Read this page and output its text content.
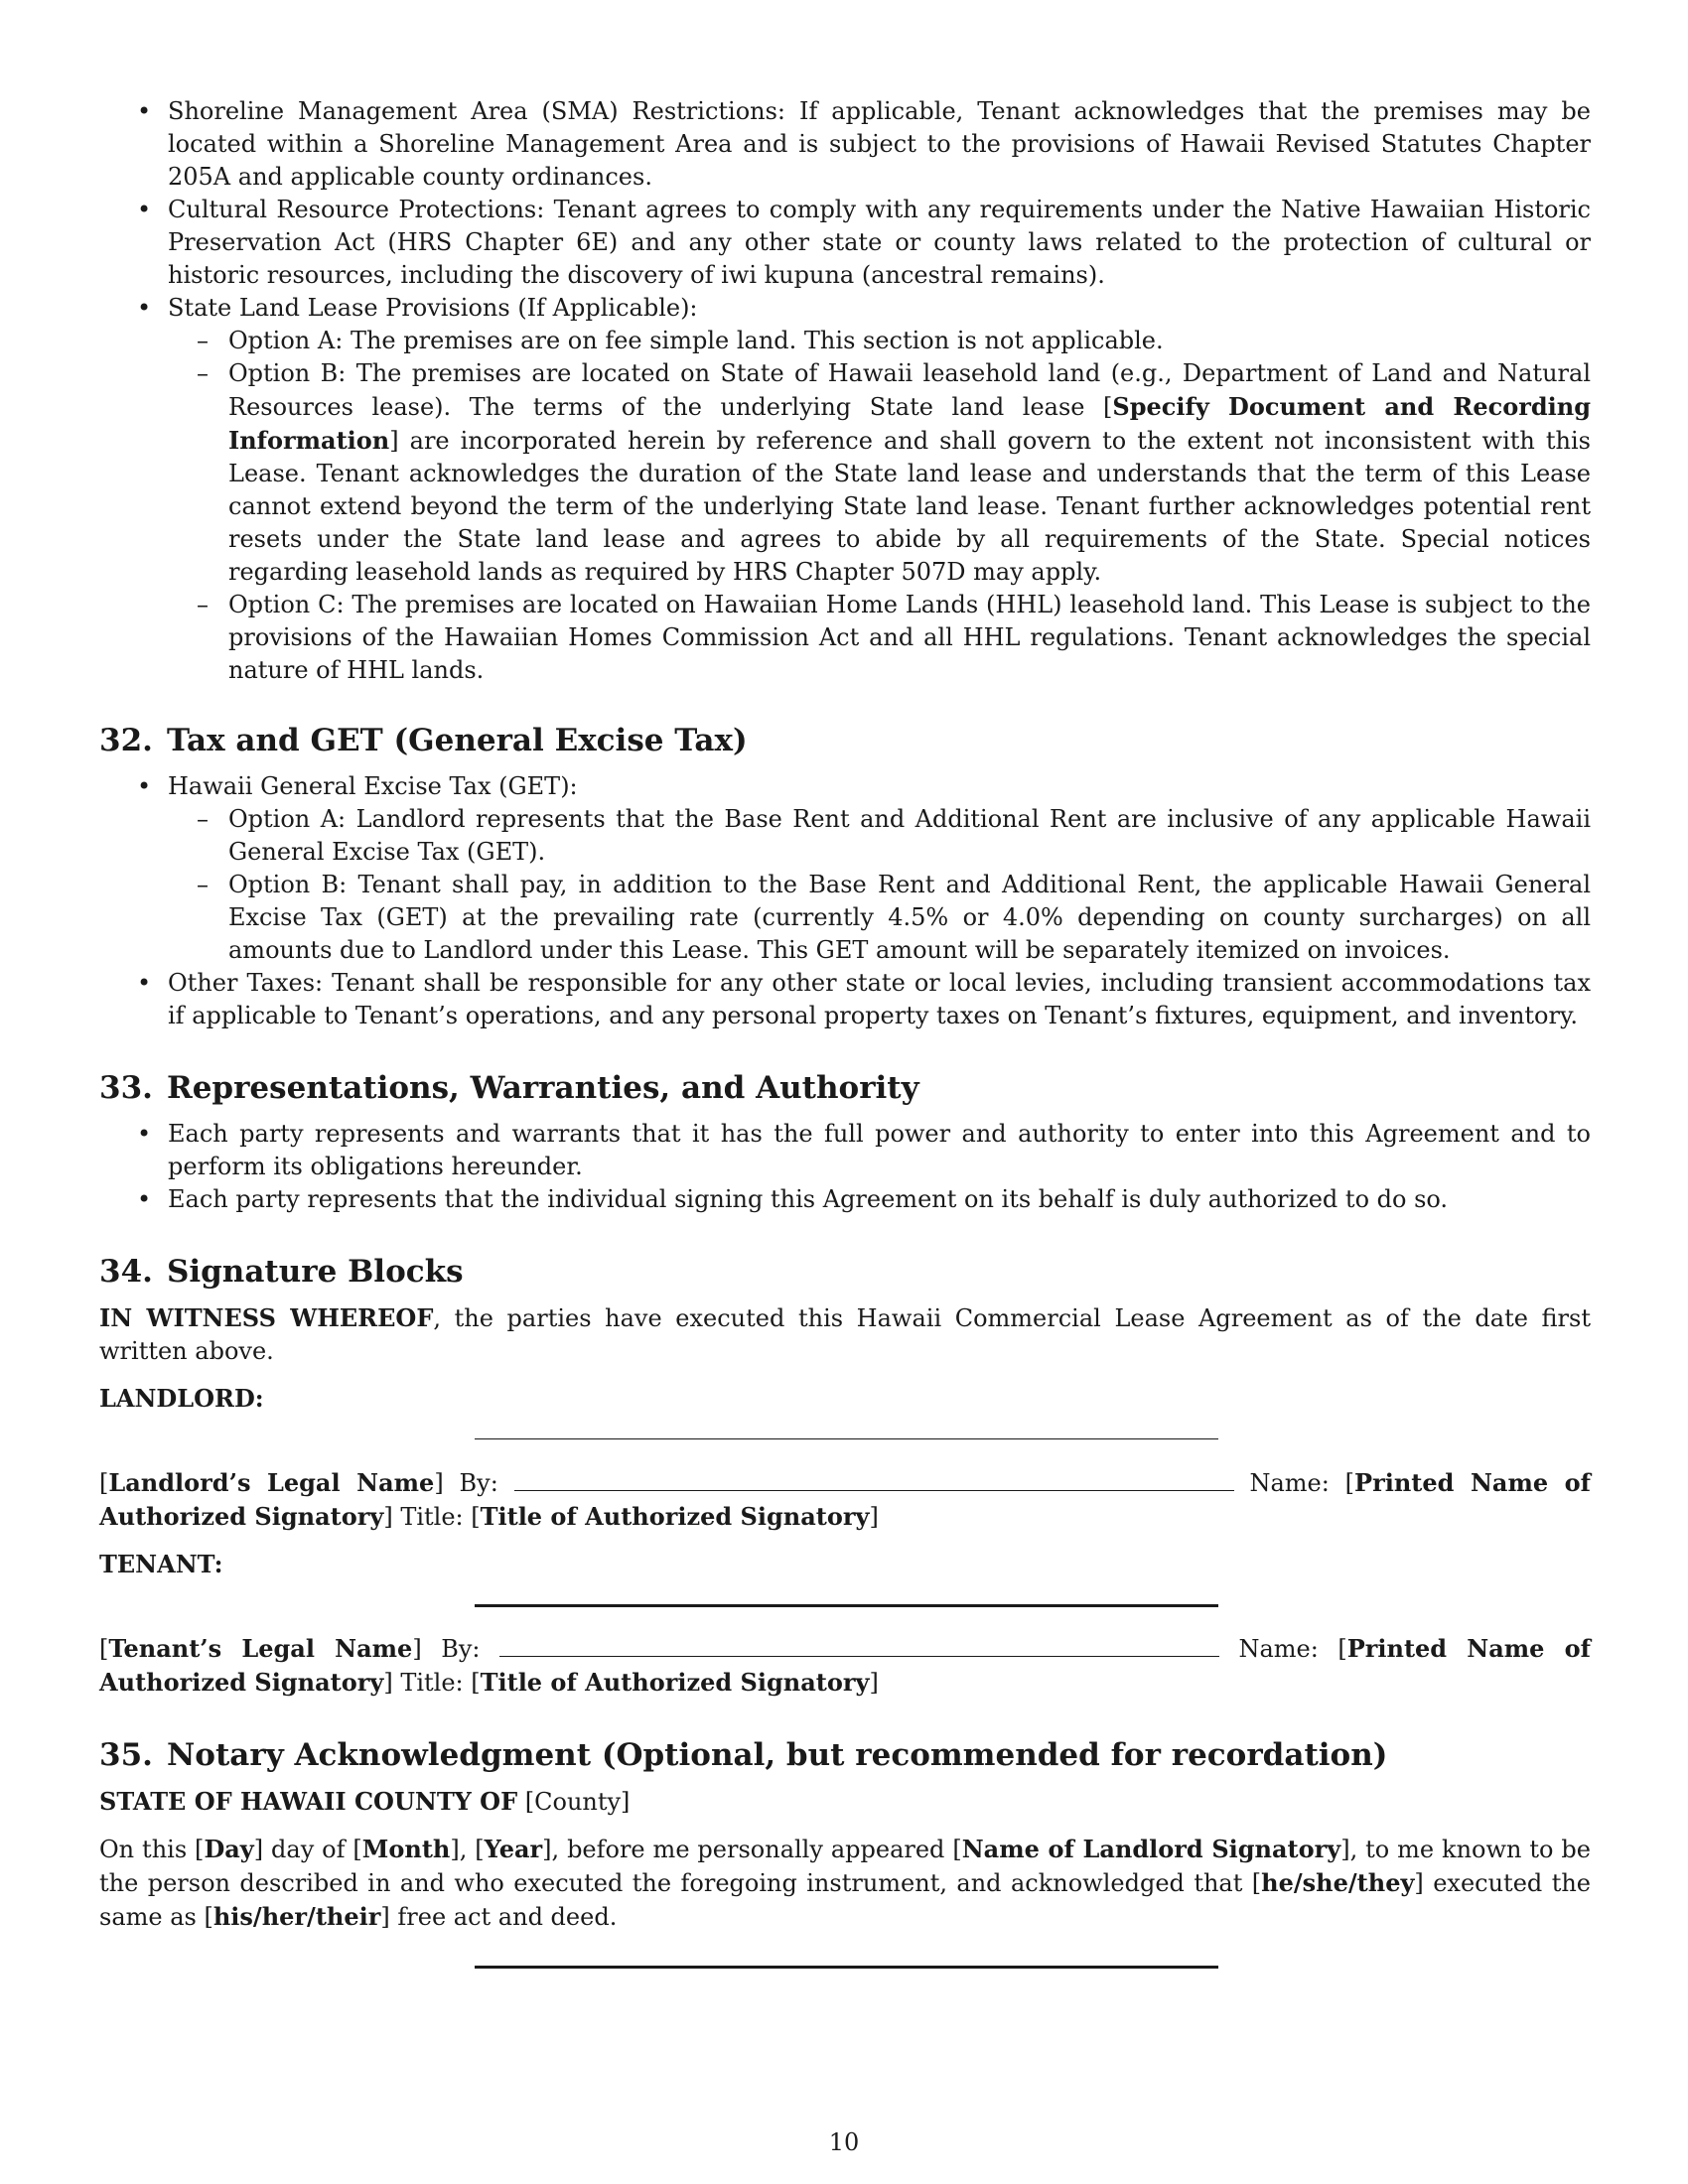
• Shoreline Management Area (SMA) Restrictions: If applicable, Tenant acknowledges that the premises may be located within a Shoreline Management Area and is subject to the provisions of Hawaii Revised Statutes Chapter 205A and applicable county ordinances.
• Cultural Resource Protections: Tenant agrees to comply with any requirements under the Native Hawaiian Historic Preservation Act (HRS Chapter 6E) and any other state or county laws related to the protection of cultural or historic resources, including the discovery of iwi kupuna (ancestral remains).
• State Land Lease Provisions (If Applicable):
– Option A: The premises are on fee simple land. This section is not applicable.
– Option B: The premises are located on State of Hawaii leasehold land (e.g., Department of Land and Natural Resources lease). The terms of the underlying State land lease [Specify Document and Recording Information] are incorporated herein by reference and shall govern to the extent not inconsistent with this Lease. Tenant acknowledges the duration of the State land lease and understands that the term of this Lease cannot extend beyond the term of the underlying State land lease. Tenant further acknowledges potential rent resets under the State land lease and agrees to abide by all requirements of the State. Special notices regarding leasehold lands as required by HRS Chapter 507D may apply.
– Option C: The premises are located on Hawaiian Home Lands (HHL) leasehold land. This Lease is subject to the provisions of the Hawaiian Homes Commission Act and all HHL regulations. Tenant acknowledges the special nature of HHL lands.
32. Tax and GET (General Excise Tax)
• Hawaii General Excise Tax (GET):
– Option A: Landlord represents that the Base Rent and Additional Rent are inclusive of any applicable Hawaii General Excise Tax (GET).
– Option B: Tenant shall pay, in addition to the Base Rent and Additional Rent, the applicable Hawaii General Excise Tax (GET) at the prevailing rate (currently 4.5% or 4.0% depending on county surcharges) on all amounts due to Landlord under this Lease. This GET amount will be separately itemized on invoices.
• Other Taxes: Tenant shall be responsible for any other state or local levies, including transient accommodations tax if applicable to Tenant’s operations, and any personal property taxes on Tenant’s fixtures, equipment, and inventory.
33. Representations, Warranties, and Authority
• Each party represents and warrants that it has the full power and authority to enter into this Agreement and to perform its obligations hereunder.
• Each party represents that the individual signing this Agreement on its behalf is duly authorized to do so.
34. Signature Blocks

IN WITNESS WHEREOF, the parties have executed this Hawaii Commercial Lease Agreement as of the date first written above.

LANDLORD:

[Landlord’s Legal Name] By:	Name: [Printed Name of Authorized Signatory] Title: [Title of Authorized Signatory]

TENANT:

[Tenant’s Legal Name] By:	Name: [Printed Name of Authorized Signatory] Title: [Title of Authorized Signatory]

35. Notary Acknowledgment (Optional, but recommended for recordation)

STATE OF HAWAII COUNTY OF [County]

On this [Day] day of [Month], [Year], before me personally appeared [Name of Landlord Signatory], to me known to be the person described in and who executed the foregoing instrument, and acknowledged that [he/she/they] executed the same as [his/her/their] free act and deed.

10
